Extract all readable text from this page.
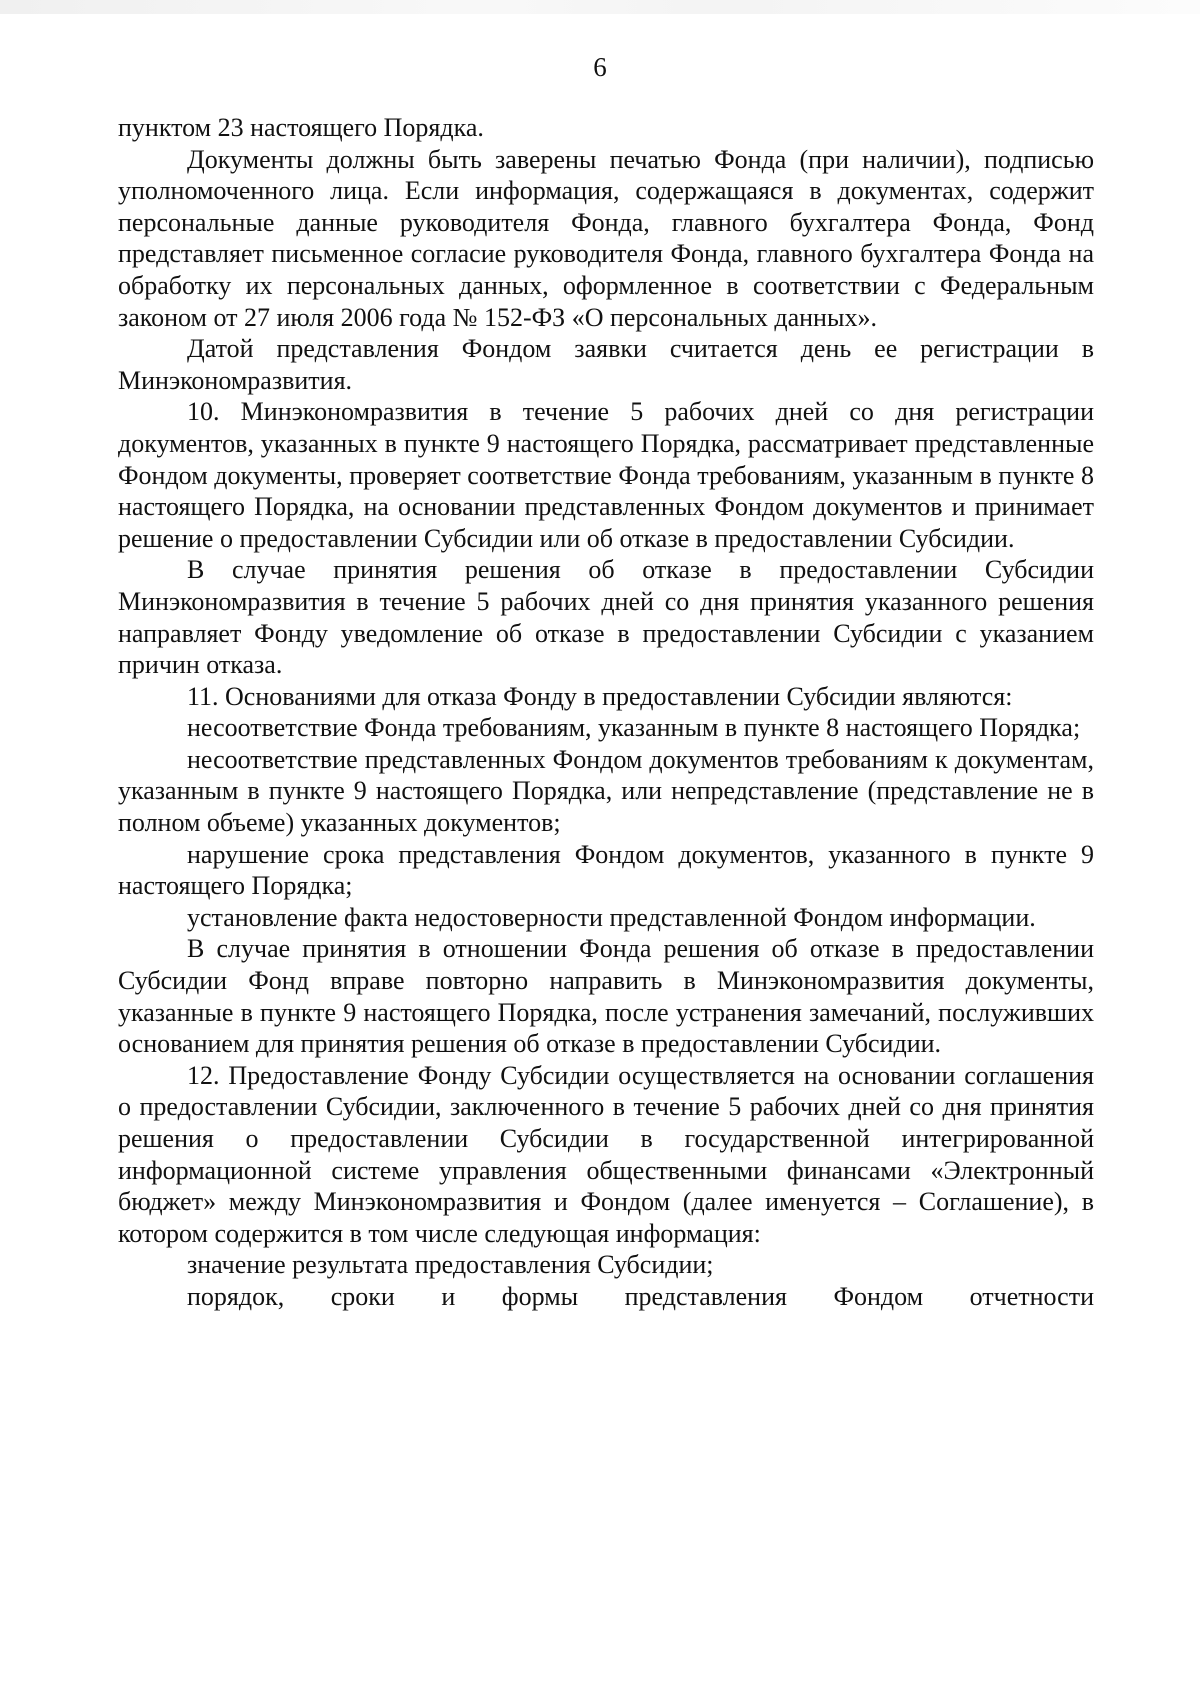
6

пунктом 23 настоящего Порядка.

Документы должны быть заверены печатью Фонда (при наличии), подписью уполномоченного лица. Если информация, содержащаяся в документах, содержит персональные данные руководителя Фонда, главного бухгалтера Фонда, Фонд представляет письменное согласие руководителя Фонда, главного бухгалтера Фонда на обработку их персональных данных, оформленное в соответствии с Федеральным законом от 27 июля 2006 года № 152-ФЗ «О персональных данных».

Датой представления Фондом заявки считается день ее регистрации в Минэкономразвития.

10. Минэкономразвития в течение 5 рабочих дней со дня регистрации документов, указанных в пункте 9 настоящего Порядка, рассматривает представленные Фондом документы, проверяет соответствие Фонда требованиям, указанным в пункте 8 настоящего Порядка, на основании представленных Фондом документов и принимает решение о предоставлении Субсидии или об отказе в предоставлении Субсидии.

В случае принятия решения об отказе в предоставлении Субсидии Минэкономразвития в течение 5 рабочих дней со дня принятия указанного решения направляет Фонду уведомление об отказе в предоставлении Субсидии с указанием причин отказа.

11. Основаниями для отказа Фонду в предоставлении Субсидии являются:

несоответствие Фонда требованиям, указанным в пункте 8 настоящего Порядка;

несоответствие представленных Фондом документов требованиям к документам, указанным в пункте 9 настоящего Порядка, или непредставление (представление не в полном объеме) указанных документов;

нарушение срока представления Фондом документов, указанного в пункте 9 настоящего Порядка;

установление факта недостоверности представленной Фондом информации.

В случае принятия в отношении Фонда решения об отказе в предоставлении Субсидии Фонд вправе повторно направить в Минэкономразвития документы, указанные в пункте 9 настоящего Порядка, после устранения замечаний, послуживших основанием для принятия решения об отказе в предоставлении Субсидии.

12. Предоставление Фонду Субсидии осуществляется на основании соглашения о предоставлении Субсидии, заключенного в течение 5 рабочих дней со дня принятия решения о предоставлении Субсидии в государственной интегрированной информационной системе управления общественными финансами «Электронный бюджет» между Минэкономразвития и Фондом (далее именуется – Соглашение), в котором содержится в том числе следующая информация:

значение результата предоставления Субсидии;

порядок, сроки и формы представления Фондом отчетности
